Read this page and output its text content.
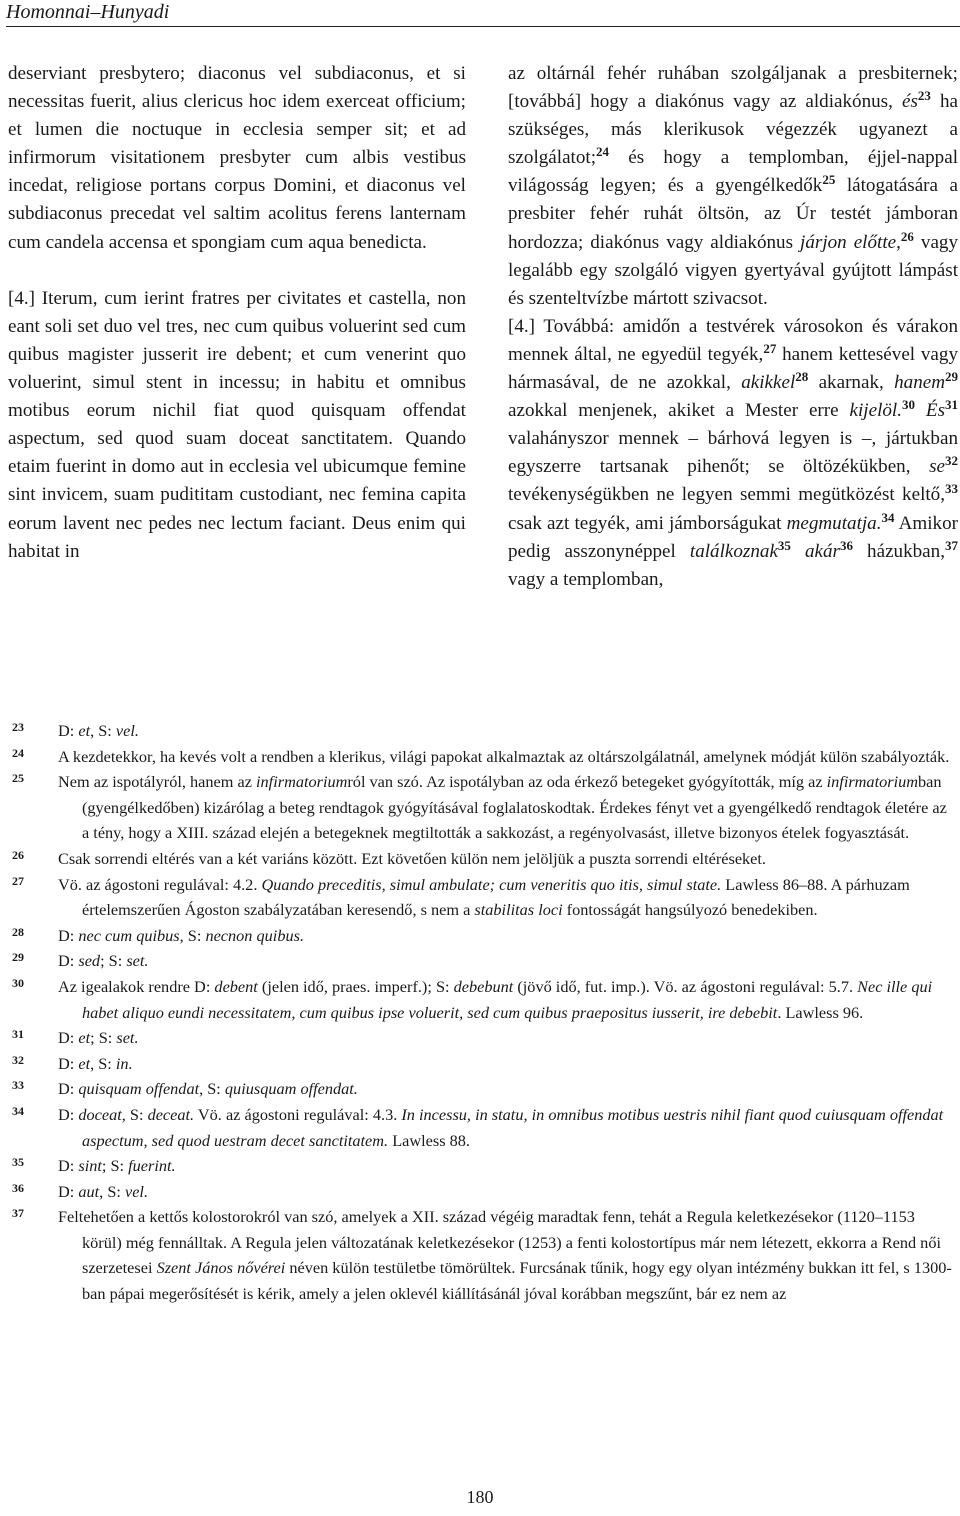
Homonnai–Hunyadi

deserviant presbytero; diaconus vel subdiaconus, et si necessitas fuerit, alius clericus hoc idem exerceat officium; et lumen die noctuque in ecclesia semper sit; et ad infirmorum visitationem presbyter cum albis vestibus incedat, religiose portans corpus Domini, et diaconus vel subdiaconus precedat vel saltim acolitus ferens lanternam cum candela accensa et spongiam cum aqua benedicta.

[4.] Iterum, cum ierint fratres per civitates et castella, non eant soli set duo vel tres, nec cum quibus voluerint sed cum quibus magister jusserit ire debent; et cum venerint quo voluerint, simul stent in incessu; in habitu et omnibus motibus eorum nichil fiat quod quisquam offendat aspectum, sed quod suam doceat sanctitatem. Quando etaim fuerint in domo aut in ecclesia vel ubicumque femine sint invicem, suam pudititam custodiant, nec femina capita eorum lavent nec pedes nec lectum faciant. Deus enim qui habitat in

az oltárnál fehér ruhában szolgáljanak a presbiternek; [továbbá] hogy a diakónus vagy az aldiakónus, $és^{23}$ ha szükséges, más klerikusok végezzék ugyanezt a szolgálatot;$^{24}$ és hogy a templomban, éjjel-nappal világosság legyen; és a gyengélkedők$^{25}$ látogatására a presbiter fehér ruhát öltsön, az Úr testét jámboran hordozza; diakónus vagy aldiakónus járjon előtte,$^{26}$ vagy legalább egy szolgáló vigyen gyertyával gyújtott lámpást és szenteltvízbe mártott szivacsot.

[4.] Továbbá: amidőn a testvérek városokon és várakon mennek által, ne egyedül tegyék,$^{27}$ hanem kettesével vagy hármasával, de ne azokkal, akikkel$^{28}$ akarnak, hanem$^{29}$ azokkal menjenek, akiket a Mester erre kijelöl.$^{30}$ $És^{31}$ valahányszor mennek – bárhová legyen is –, jártukban egyszerre tartsanak pihenőt; se öltözékükben, $se^{32}$ tevékenységükben ne legyen semmi megütközést keltő,$^{33}$ csak azt tegyék, ami jámborságukat megmutatja.$^{34}$ Amikor pedig asszonynéppel találkoznak$^{35}$ akár$^{36}$ házukban,$^{37}$ vagy a templomban,

23 D: et, S: vel.
24 A kezdetekkor, ha kevés volt a rendben a klerikus, világi papokat alkalmaztak az oltárszolgálatnál, amelynek módját külön szabályozták.
25 Nem az ispotályról, hanem az infirmatoriumról van szó. Az ispotályban az oda érkező betegeket gyógyították, míg az infirmatoriumban (gyengélkedőben) kizárólag a beteg rendtagok gyógyításával foglalatoskodtak. Érdekes fényt vet a gyengélkedő rendtagok életére az a tény, hogy a XIII. század elején a betegeknek megtiltották a sakkozást, a regényolvasást, illetve bizonyos ételek fogyasztását.
26 Csak sorrendi eltérés van a két variáns között. Ezt követően külön nem jelöljük a puszta sorrendi eltéréseket.
27 Vö. az ágostoni regulával: 4.2. Quando preceditis, simul ambulate; cum veneritis quo itis, simul state. Lawless 86–88. A párhuzam értelemszerűen Ágoston szabályzatában keresendő, s nem a stabilitas loci fontosságát hangsúlyozó benedekiben.
28 D: nec cum quibus, S: necnon quibus.
29 D: sed; S: set.
30 Az igealakok rendre D: debent (jelen idő, praes. imperf.); S: debebunt (jövő idő, fut. imp.). Vö. az ágostoni regulával: 5.7. Nec ille qui habet aliquo eundi necessitatem, cum quibus ipse voluerit, sed cum quibus praepositus iusserit, ire debebit. Lawless 96.
31 D: et; S: set.
32 D: et, S: in.
33 D: quisquam offendat, S: quiusquam offendat.
34 D: doceat, S: deceat. Vö. az ágostoni regulával: 4.3. In incessu, in statu, in omnibus motibus uestris nihil fiant quod cuiusquam offendat aspectum, sed quod uestram decet sanctitatem. Lawless 88.
35 D: sint; S: fuerint.
36 D: aut, S: vel.
37 Feltehetően a kettős kolostorokról van szó, amelyek a XII. század végéig maradtak fenn, tehát a Regula keletkezésekor (1120–1153 körül) még fennálltak. A Regula jelen változatának keletkezésekor (1253) a fenti kolostortípus már nem létezett, ekkorra a Rend női szerzetesei Szent János nővérei néven külön testületbe tömörültek. Furcsának tűnik, hogy egy olyan intézmény bukkan itt fel, s 1300-ban pápai megerősítését is kérik, amely a jelen oklevél kiállításánál jóval korábban megszűnt, bár ez nem az
180
